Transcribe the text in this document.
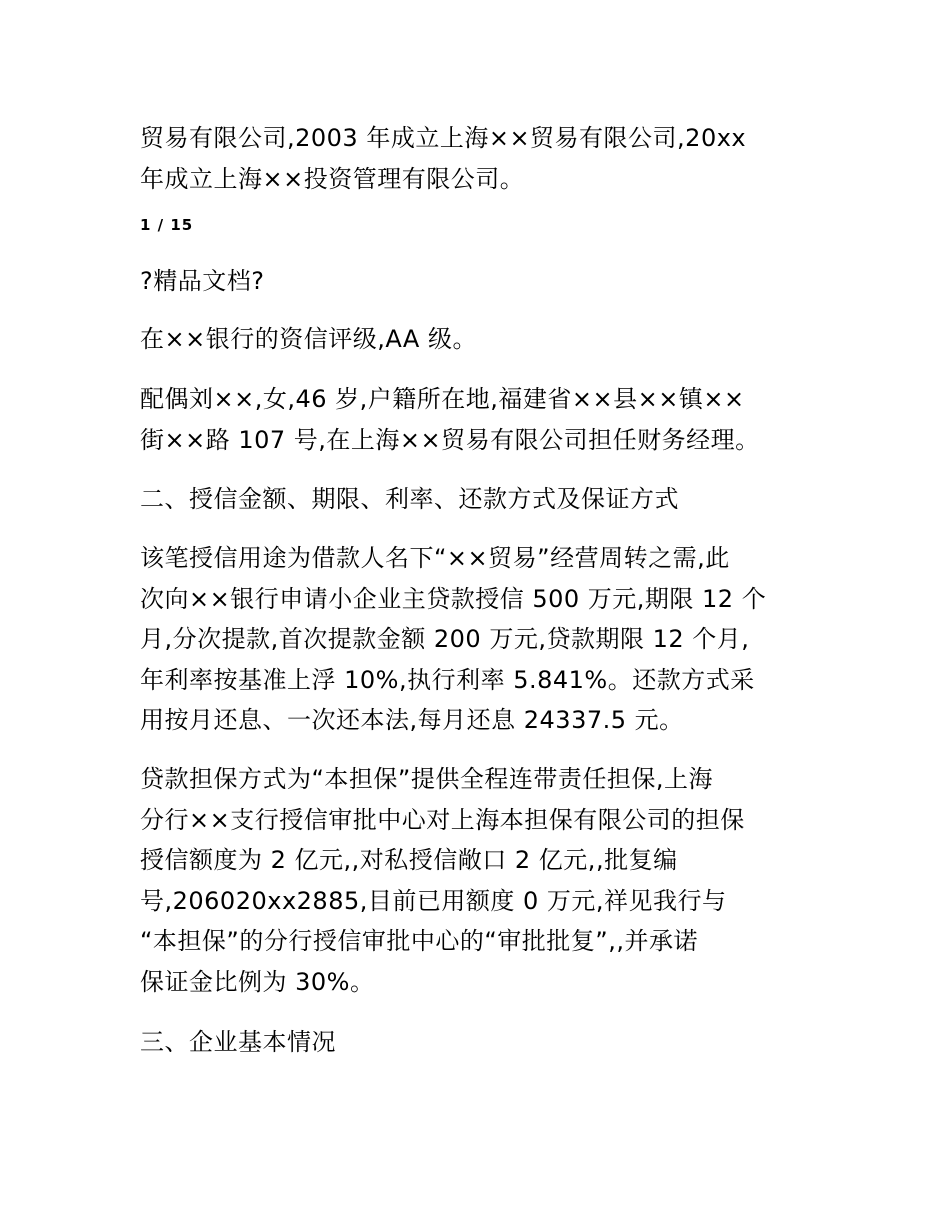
贸易有限公司,2003 年成立上海××贸易有限公司,20xx
年成立上海××投资管理有限公司。

1 / 15

?精品文档?

在××银行的资信评级,AA 级。

配偶刘××,女,46 岁,户籍所在地,福建省××县××镇××
街××路 107 号,在上海××贸易有限公司担任财务经理。

二、授信金额、期限、利率、还款方式及保证方式

该笔授信用途为借款人名下“××贸易”经营周转之需,此
次向××银行申请小企业主贷款授信 500 万元,期限 12 个
月,分次提款,首次提款金额 200 万元,贷款期限 12 个月,
年利率按基准上浮 10%,执行利率 5.841%。还款方式采
用按月还息、一次还本法,每月还息 24337.5 元。

贷款担保方式为“本担保”提供全程连带责任担保,上海
分行××支行授信审批中心对上海本担保有限公司的担保
授信额度为 2 亿元,,对私授信敞口 2 亿元,,批复编
号,206020xx2885,目前已用额度 0 万元,祥见我行与
“本担保”的分行授信审批中心的“审批批复”,,并承诺
保证金比例为 30%。

三、企业基本情况
